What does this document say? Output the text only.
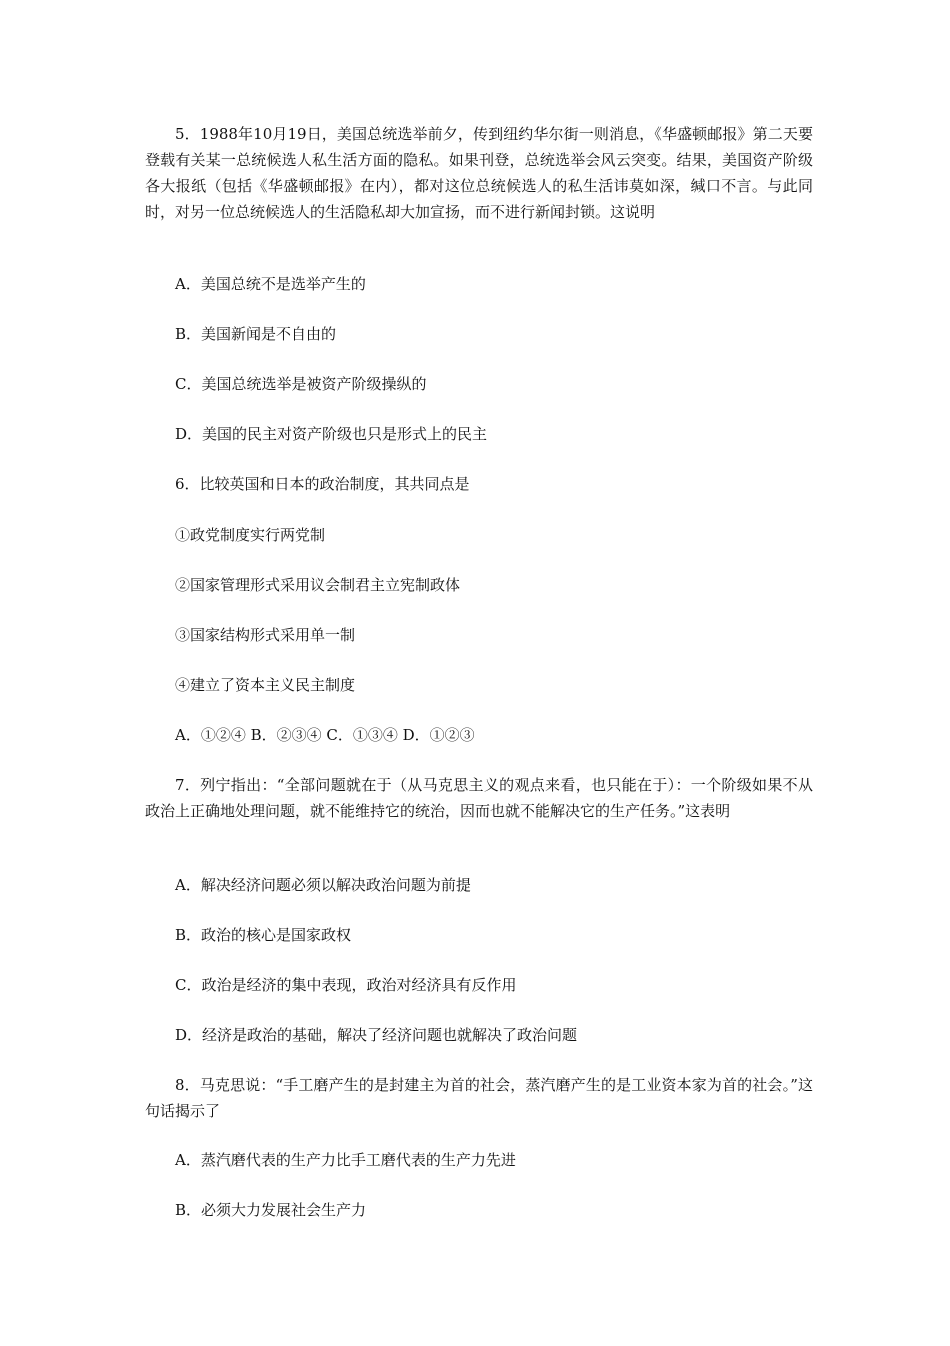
5．1988年10月19日，美国总统选举前夕，传到纽约华尔街一则消息，《华盛顿邮报》第二天要登载有关某一总统候选人私生活方面的隐私。如果刊登，总统选举会风云突变。结果，美国资产阶级各大报纸（包括《华盛顿邮报》在内），都对这位总统候选人的私生活讳莫如深，缄口不言。与此同时，对另一位总统候选人的生活隐私却大加宣扬，而不进行新闻封锁。这说明

A．美国总统不是选举产生的

B．美国新闻是不自由的

C．美国总统选举是被资产阶级操纵的

D．美国的民主对资产阶级也只是形式上的民主

6．比较英国和日本的政治制度，其共同点是

①政党制度实行两党制

②国家管理形式采用议会制君主立宪制政体

③国家结构形式采用单一制

④建立了资本主义民主制度

A．①②④ B．②③④ C．①③④ D．①②③

7．列宁指出：“全部问题就在于（从马克思主义的观点来看，也只能在于）：一个阶级如果不从政治上正确地处理问题，就不能维持它的统治，因而也就不能解决它的生产任务。”这表明

A．解决经济问题必须以解决政治问题为前提

B．政治的核心是国家政权

C．政治是经济的集中表现，政治对经济具有反作用

D．经济是政治的基础，解决了经济问题也就解决了政治问题

8．马克思说：“手工磨产生的是封建主为首的社会，蒸汽磨产生的是工业资本家为首的社会。”这句话揭示了

A．蒸汽磨代表的生产力比手工磨代表的生产力先进

B．必须大力发展社会生产力
